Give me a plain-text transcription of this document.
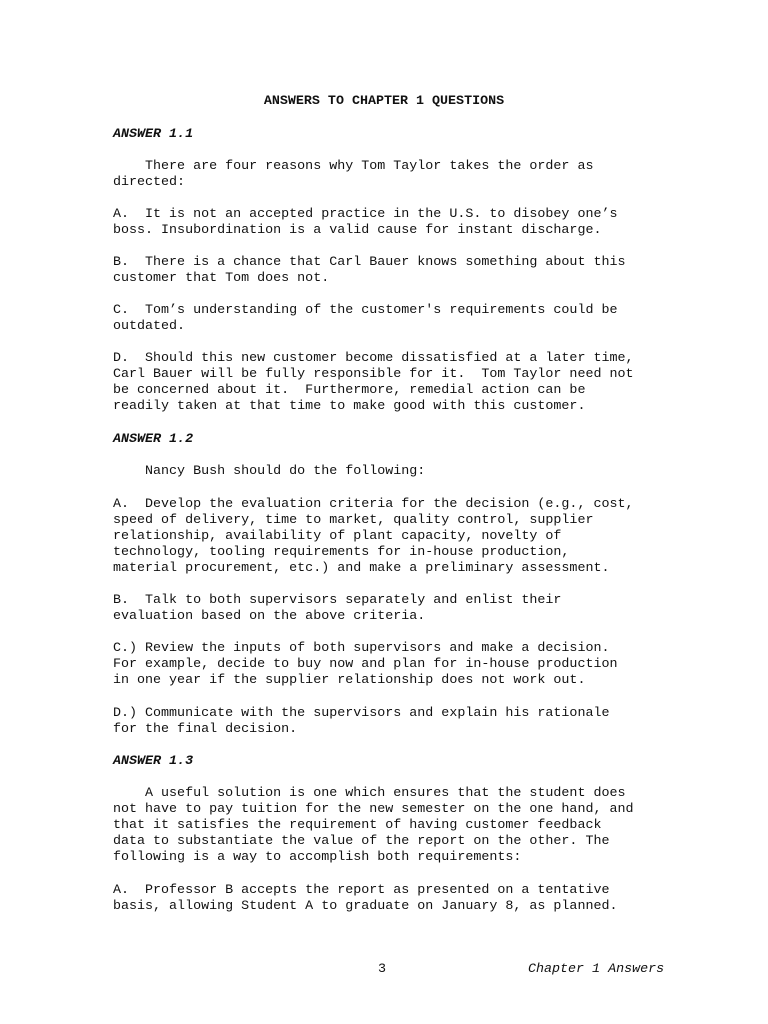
ANSWERS TO CHAPTER 1 QUESTIONS
ANSWER 1.1
There are four reasons why Tom Taylor takes the order as
directed:
A.  It is not an accepted practice in the U.S. to disobey one’s
boss. Insubordination is a valid cause for instant discharge.
B.  There is a chance that Carl Bauer knows something about this
customer that Tom does not.
C.  Tom’s understanding of the customer's requirements could be
outdated.
D.  Should this new customer become dissatisfied at a later time,
Carl Bauer will be fully responsible for it.  Tom Taylor need not
be concerned about it.  Furthermore, remedial action can be
readily taken at that time to make good with this customer.
ANSWER 1.2
Nancy Bush should do the following:
A.  Develop the evaluation criteria for the decision (e.g., cost,
speed of delivery, time to market, quality control, supplier
relationship, availability of plant capacity, novelty of
technology, tooling requirements for in-house production,
material procurement, etc.) and make a preliminary assessment.
B.  Talk to both supervisors separately and enlist their
evaluation based on the above criteria.
C.) Review the inputs of both supervisors and make a decision.
For example, decide to buy now and plan for in-house production
in one year if the supplier relationship does not work out.
D.) Communicate with the supervisors and explain his rationale
for the final decision.
ANSWER 1.3
A useful solution is one which ensures that the student does
not have to pay tuition for the new semester on the one hand, and
that it satisfies the requirement of having customer feedback
data to substantiate the value of the report on the other. The
following is a way to accomplish both requirements:
A.  Professor B accepts the report as presented on a tentative
basis, allowing Student A to graduate on January 8, as planned.
3	Chapter 1 Answers
